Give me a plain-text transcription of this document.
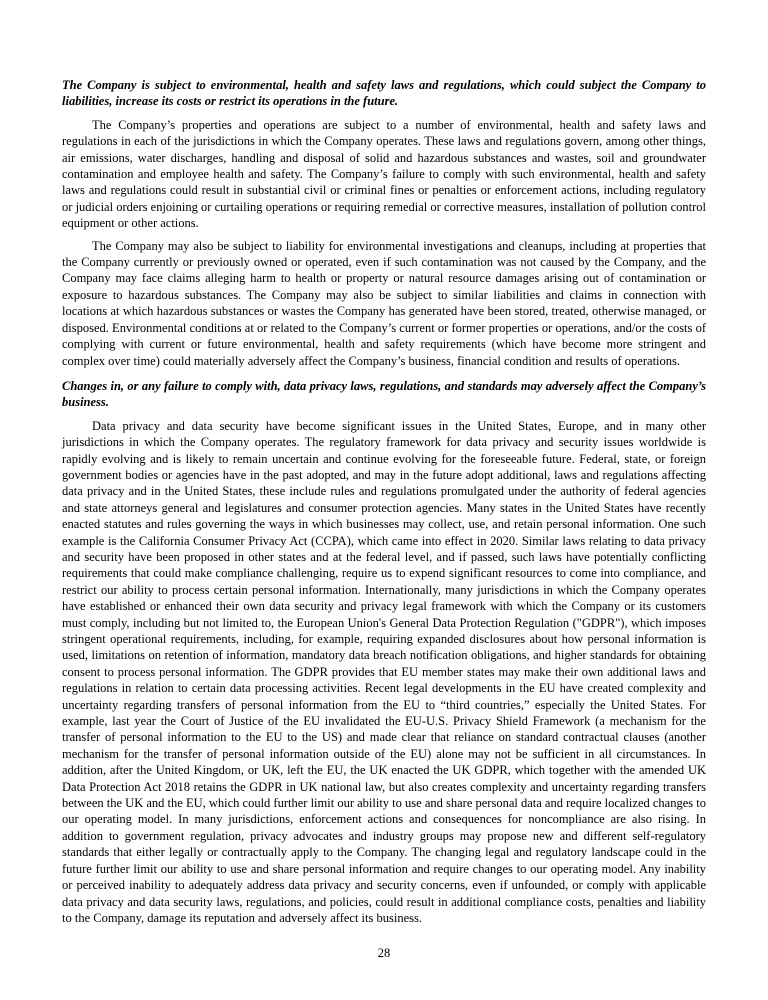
The Company is subject to environmental, health and safety laws and regulations, which could subject the Company to liabilities, increase its costs or restrict its operations in the future.

The Company’s properties and operations are subject to a number of environmental, health and safety laws and regulations in each of the jurisdictions in which the Company operates. These laws and regulations govern, among other things, air emissions, water discharges, handling and disposal of solid and hazardous substances and wastes, soil and groundwater contamination and employee health and safety. The Company’s failure to comply with such environmental, health and safety laws and regulations could result in substantial civil or criminal fines or penalties or enforcement actions, including regulatory or judicial orders enjoining or curtailing operations or requiring remedial or corrective measures, installation of pollution control equipment or other actions.

The Company may also be subject to liability for environmental investigations and cleanups, including at properties that the Company currently or previously owned or operated, even if such contamination was not caused by the Company, and the Company may face claims alleging harm to health or property or natural resource damages arising out of contamination or exposure to hazardous substances. The Company may also be subject to similar liabilities and claims in connection with locations at which hazardous substances or wastes the Company has generated have been stored, treated, otherwise managed, or disposed. Environmental conditions at or related to the Company’s current or former properties or operations, and/or the costs of complying with current or future environmental, health and safety requirements (which have become more stringent and complex over time) could materially adversely affect the Company’s business, financial condition and results of operations.

Changes in, or any failure to comply with, data privacy laws, regulations, and standards may adversely affect the Company’s business.

Data privacy and data security have become significant issues in the United States, Europe, and in many other jurisdictions in which the Company operates. The regulatory framework for data privacy and security issues worldwide is rapidly evolving and is likely to remain uncertain and continue evolving for the foreseeable future. Federal, state, or foreign government bodies or agencies have in the past adopted, and may in the future adopt additional, laws and regulations affecting data privacy and in the United States, these include rules and regulations promulgated under the authority of federal agencies and state attorneys general and legislatures and consumer protection agencies. Many states in the United States have recently enacted statutes and rules governing the ways in which businesses may collect, use, and retain personal information. One such example is the California Consumer Privacy Act (CCPA), which came into effect in 2020. Similar laws relating to data privacy and security have been proposed in other states and at the federal level, and if passed, such laws have potentially conflicting requirements that could make compliance challenging, require us to expend significant resources to come into compliance, and restrict our ability to process certain personal information. Internationally, many jurisdictions in which the Company operates have established or enhanced their own data security and privacy legal framework with which the Company or its customers must comply, including but not limited to, the European Union's General Data Protection Regulation ("GDPR"), which imposes stringent operational requirements, including, for example, requiring expanded disclosures about how personal information is used, limitations on retention of information, mandatory data breach notification obligations, and higher standards for obtaining consent to process personal information. The GDPR provides that EU member states may make their own additional laws and regulations in relation to certain data processing activities. Recent legal developments in the EU have created complexity and uncertainty regarding transfers of personal information from the EU to “third countries,” especially the United States. For example, last year the Court of Justice of the EU invalidated the EU-U.S. Privacy Shield Framework (a mechanism for the transfer of personal information to the EU to the US) and made clear that reliance on standard contractual clauses (another mechanism for the transfer of personal information outside of the EU) alone may not be sufficient in all circumstances. In addition, after the United Kingdom, or UK, left the EU, the UK enacted the UK GDPR, which together with the amended UK Data Protection Act 2018 retains the GDPR in UK national law, but also creates complexity and uncertainty regarding transfers between the UK and the EU, which could further limit our ability to use and share personal data and require localized changes to our operating model. In many jurisdictions, enforcement actions and consequences for noncompliance are also rising. In addition to government regulation, privacy advocates and industry groups may propose new and different self-regulatory standards that either legally or contractually apply to the Company. The changing legal and regulatory landscape could in the future further limit our ability to use and share personal information and require changes to our operating model. Any inability or perceived inability to adequately address data privacy and security concerns, even if unfounded, or comply with applicable data privacy and data security laws, regulations, and policies, could result in additional compliance costs, penalties and liability to the Company, damage its reputation and adversely affect its business.

28
